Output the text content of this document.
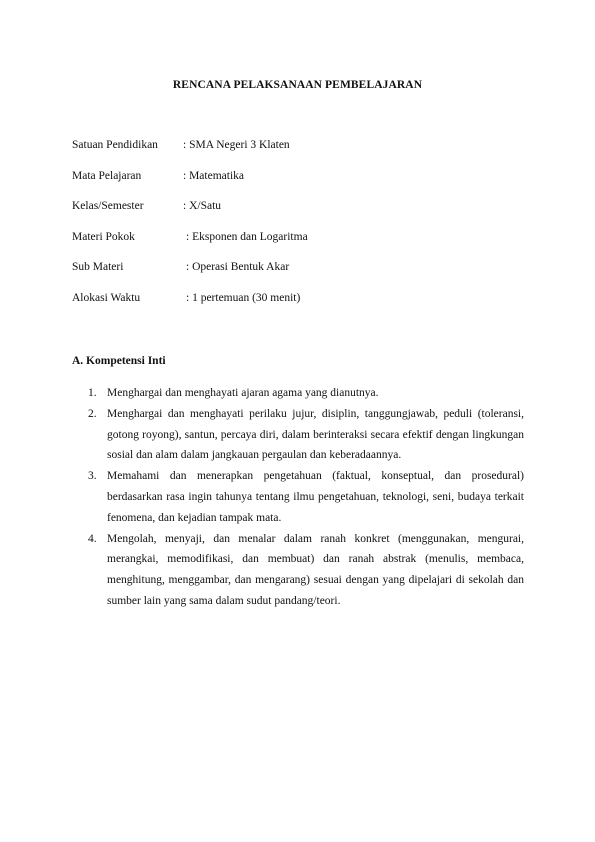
RENCANA PELAKSANAAN PEMBELAJARAN
Satuan Pendidikan : SMA Negeri 3 Klaten
Mata Pelajaran	: Matematika
Kelas/Semester	: X/Satu
Materi Pokok	: Eksponen dan Logaritma
Sub Materi	: Operasi Bentuk Akar
Alokasi Waktu	: 1 pertemuan (30 menit)
A. Kompetensi Inti
1. Menghargai dan menghayati ajaran agama yang dianutnya.
2. Menghargai dan menghayati perilaku jujur, disiplin, tanggungjawab, peduli (toleransi, gotong royong), santun, percaya diri, dalam berinteraksi secara efektif dengan lingkungan sosial dan alam dalam jangkauan pergaulan dan keberadaannya.
3. Memahami dan menerapkan pengetahuan (faktual, konseptual, dan prosedural) berdasarkan rasa ingin tahunya tentang ilmu pengetahuan, teknologi, seni, budaya terkait fenomena, dan kejadian tampak mata.
4. Mengolah, menyaji, dan menalar dalam ranah konkret (menggunakan, mengurai, merangkai, memodifikasi, dan membuat) dan ranah abstrak (menulis, membaca, menghitung, menggambar, dan mengarang) sesuai dengan yang dipelajari di sekolah dan sumber lain yang sama dalam sudut pandang/teori.
